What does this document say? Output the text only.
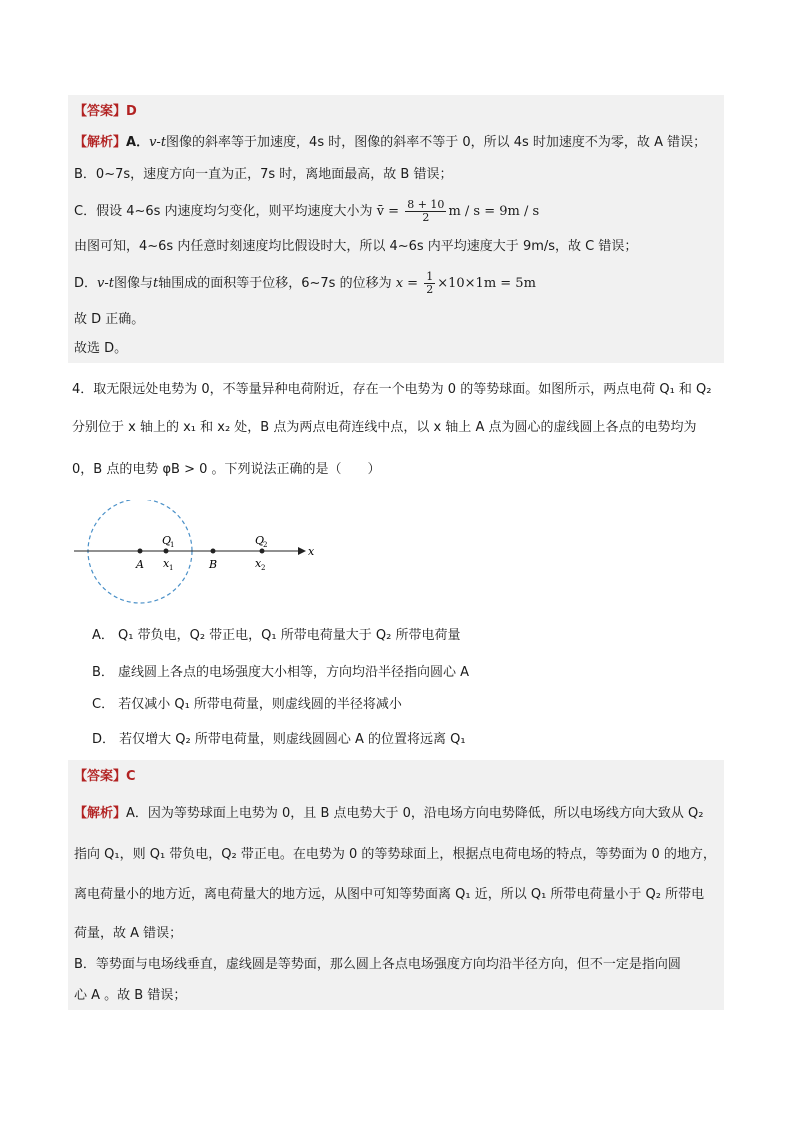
【答案】D
【解析】A．v-t图像的斜率等于加速度，4s 时，图像的斜率不等于 0，所以 4s 时加速度不为零，故 A 错误；
B．0~7s，速度方向一直为正，7s 时，离地面最高，故 B 错误；
C．假设 4~6s 内速度均匀变化，则平均速度大小为 v̄ = $\frac{8 + 10}{2}$ m / s = 9m / s
由图可知，4~6s 内任意时刻速度均比假设时大，所以 4~6s 内平均速度大于 9m/s，故 C 错误；
D．v-t图像与t轴围成的面积等于位移，6~7s 的位移为 $x = \frac{1}{2} \times 10\times 1m = 5m$
故 D 正确。
故选 D。
4．取无限远处电势为 0，不等量异种电荷附近，存在一个电势为 0 的等势球面。如图所示，两点电荷 Q₁ 和 Q₂
分别位于 x 轴上的 x₁ 和 x₂ 处，B 点为两点电荷连线中点，以 x 轴上 A 点为圆心的虚线圆上各点的电势均为
0，B 点的电势 φB > 0 。下列说法正确的是（　　）
A
Q
1
x 1	B
Q
2
x 2
x
A． Q₁ 带负电，Q₂ 带正电，Q₁ 所带电荷量大于 Q₂ 所带电荷量
B． 虚线圆上各点的电场强度大小相等，方向均沿半径指向圆心 A
C． 若仅减小 Q₁ 所带电荷量，则虚线圆的半径将减小
D． 若仅增大 Q₂ 所带电荷量，则虚线圆圆心 A 的位置将远离 Q₁
【答案】C
【解析】A．因为等势球面上电势为 0，且 B 点电势大于 0，沿电场方向电势降低，所以电场线方向大致从 Q₂
指向 Q₁，则 Q₁ 带负电，Q₂ 带正电。在电势为 0 的等势球面上，根据点电荷电场的特点，等势面为 0 的地方，
离电荷量小的地方近，离电荷量大的地方远，从图中可知等势面离 Q₁ 近，所以 Q₁ 所带电荷量小于 Q₂ 所带电
荷量，故 A 错误；
B．等势面与电场线垂直，虚线圆是等势面，那么圆上各点电场强度方向均沿半径方向，但不一定是指向圆
心 A 。故 B 错误；
